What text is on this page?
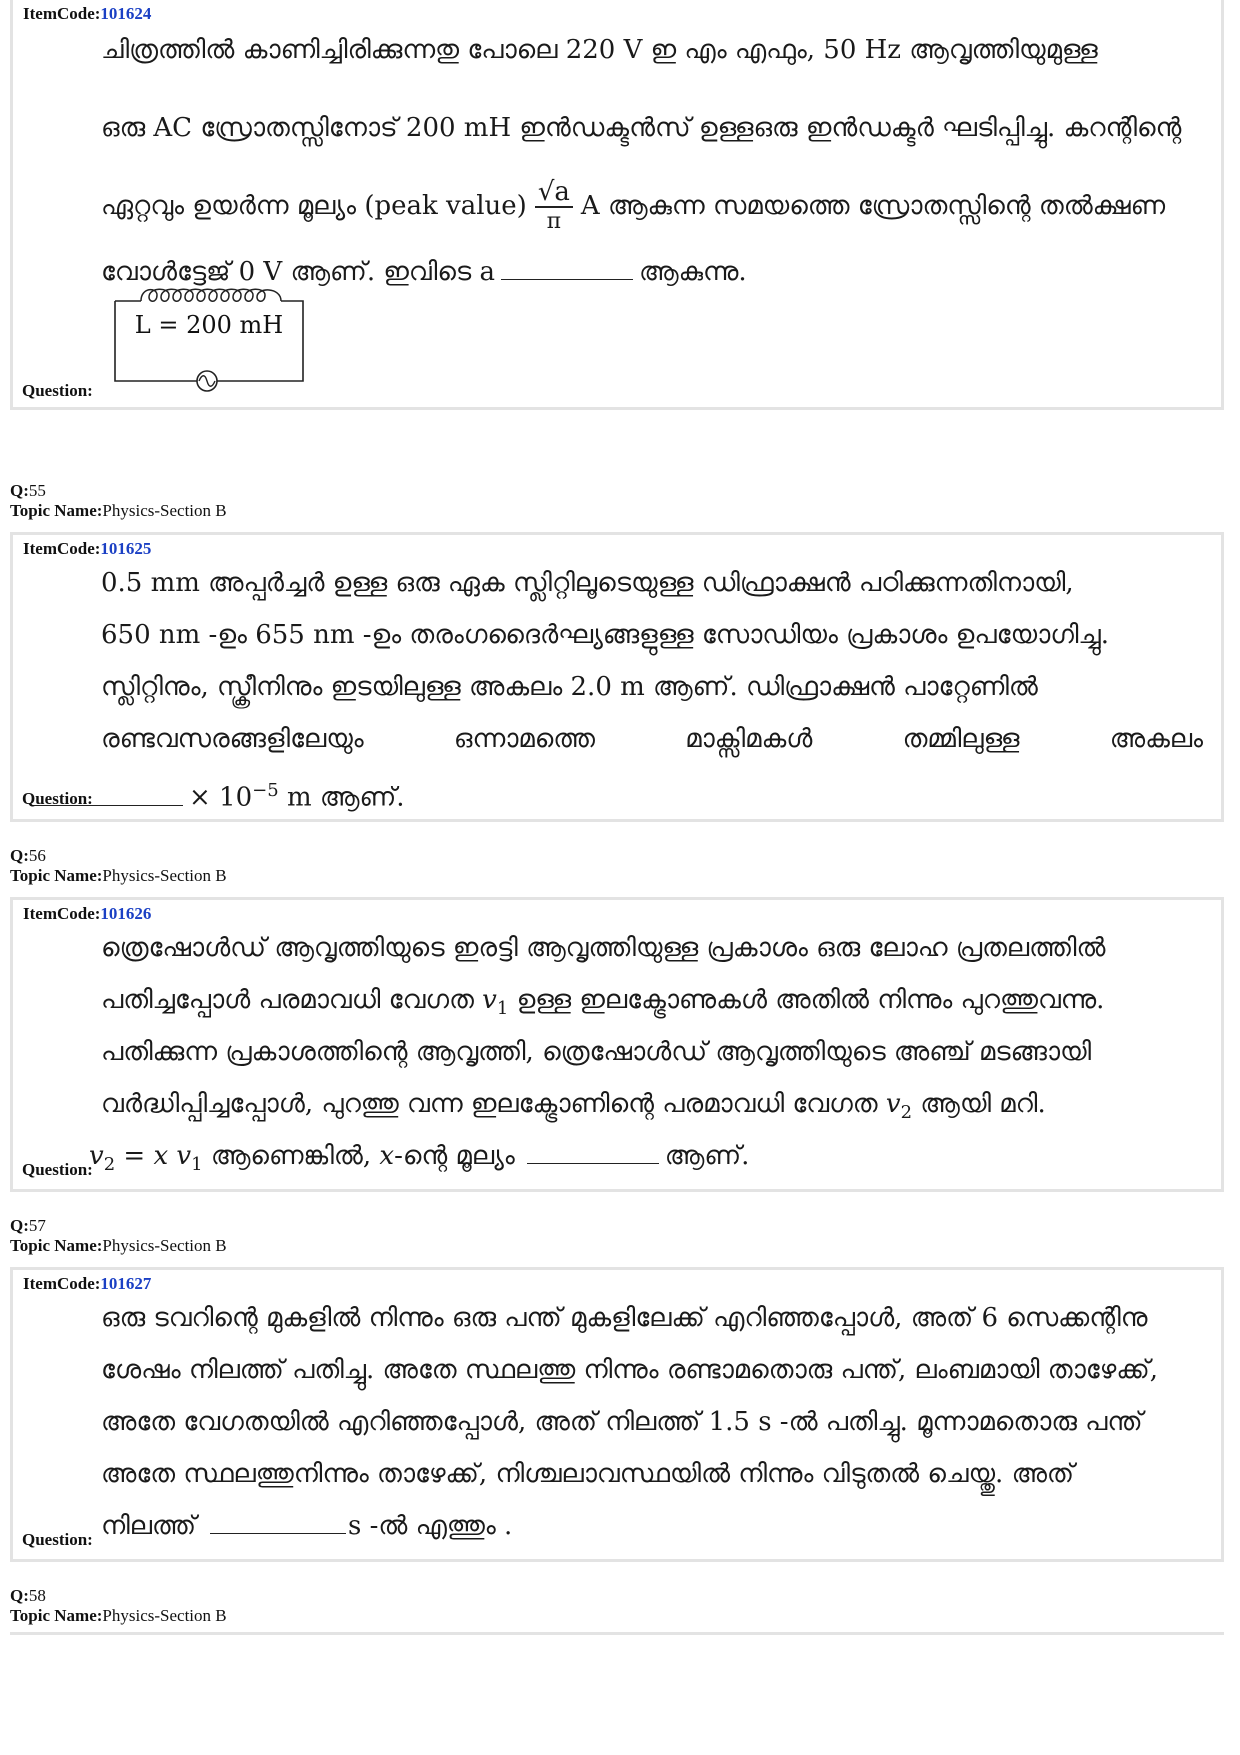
ItemCode:101624
ചിത്രത്തിൽ കാണിച്ചിരിക്കുന്നതു പോലെ 220 V ഇ എം എഫും, 50 Hz ആവൃത്തിയുമുള്ള
ഒരു AC സ്രോതസ്സിനോട് 200 mH ഇൻഡക്ടൻസ് ഉള്ളഒരു ഇൻഡക്ടർ ഘടിപ്പിച്ചു. കറന്റിന്റെ
ഏറ്റവും ഉയർന്ന മൂല്യം (peak value) $\frac{√a}{\pi}$ A ആകുന്ന സമയത്തെ സ്രോതസ്സിന്റെ തൽക്ഷണ
വോൾട്ടേജ് 0 V ആണ്. ഇവിടെ a	ആകുന്നു.
L = 200 mH
Question:
Q:55
Topic Name:Physics-Section B
ItemCode:101625
0.5 mm അപ്പർച്ചർ ഉള്ള ഒരു ഏക സ്ലിറ്റിലൂടെയുള്ള ഡിഫ്രാക്ഷൻ പഠിക്കുന്നതിനായി,
650 nm -ഉം 655 nm -ഉം തരംഗദൈർഘ്യങ്ങളുള്ള സോഡിയം പ്രകാശം ഉപയോഗിച്ചു.
സ്ലിറ്റിനും, സ്ക്രീനിനും ഇടയിലുള്ള അകലം 2.0 m ആണ്. ഡിഫ്രാക്ഷൻ പാറ്റേണിൽ
രണ്ടവസരങ്ങളിലേയും	ഒന്നാമത്തെ	മാക്സിമകൾ	തമ്മിലുള്ള	അകലം
× $10^{-5}$ m ആണ്.
Question:
Q:56
Topic Name:Physics-Section B
ItemCode:101626
ത്രെഷോൾഡ് ആവൃത്തിയുടെ ഇരട്ടി ആവൃത്തിയുള്ള പ്രകാശം ഒരു ലോഹ പ്രതലത്തിൽ
പതിച്ചപ്പോൾ പരമാവധി വേഗത $v_1$ ഉള്ള ഇലക്ട്രോണുകൾ അതിൽ നിന്നും പുറത്തുവന്നു.
പതിക്കുന്ന പ്രകാശത്തിന്റെ ആവൃത്തി, ത്രെഷോൾഡ് ആവൃത്തിയുടെ അഞ്ച് മടങ്ങായി
വർദ്ധിപ്പിച്ചപ്പോൾ, പുറത്തു വന്ന ഇലക്ട്രോണിന്റെ പരമാവധി വേഗത $v_2$ ആയി മറി.
$v_2 = x$ $v_1$ ആണെങ്കിൽ, x-ന്റെ മൂല്യം	ആണ്.
Question:
Q:57
Topic Name:Physics-Section B
ItemCode:101627
ഒരു ടവറിന്റെ മുകളിൽ നിന്നും ഒരു പന്ത് മുകളിലേക്ക് എറിഞ്ഞപ്പോൾ, അത് 6 സെക്കന്റിനു
ശേഷം നിലത്ത് പതിച്ചു. അതേ സ്ഥലത്തു നിന്നും രണ്ടാമതൊരു പന്ത്, ലംബമായി താഴേക്ക്,
അതേ വേഗതയിൽ എറിഞ്ഞപ്പോൾ, അത് നിലത്ത് 1.5 s -ൽ പതിച്ചു. മൂന്നാമതൊരു പന്ത്
അതേ സ്ഥലത്തുനിന്നും താഴേക്ക്, നിശ്ചലാവസ്ഥയിൽ നിന്നും വിടുതൽ ചെയ്തു. അത്
നിലത്ത്	s -ൽ എത്തും .
Question:
Q:58
Topic Name:Physics-Section B
